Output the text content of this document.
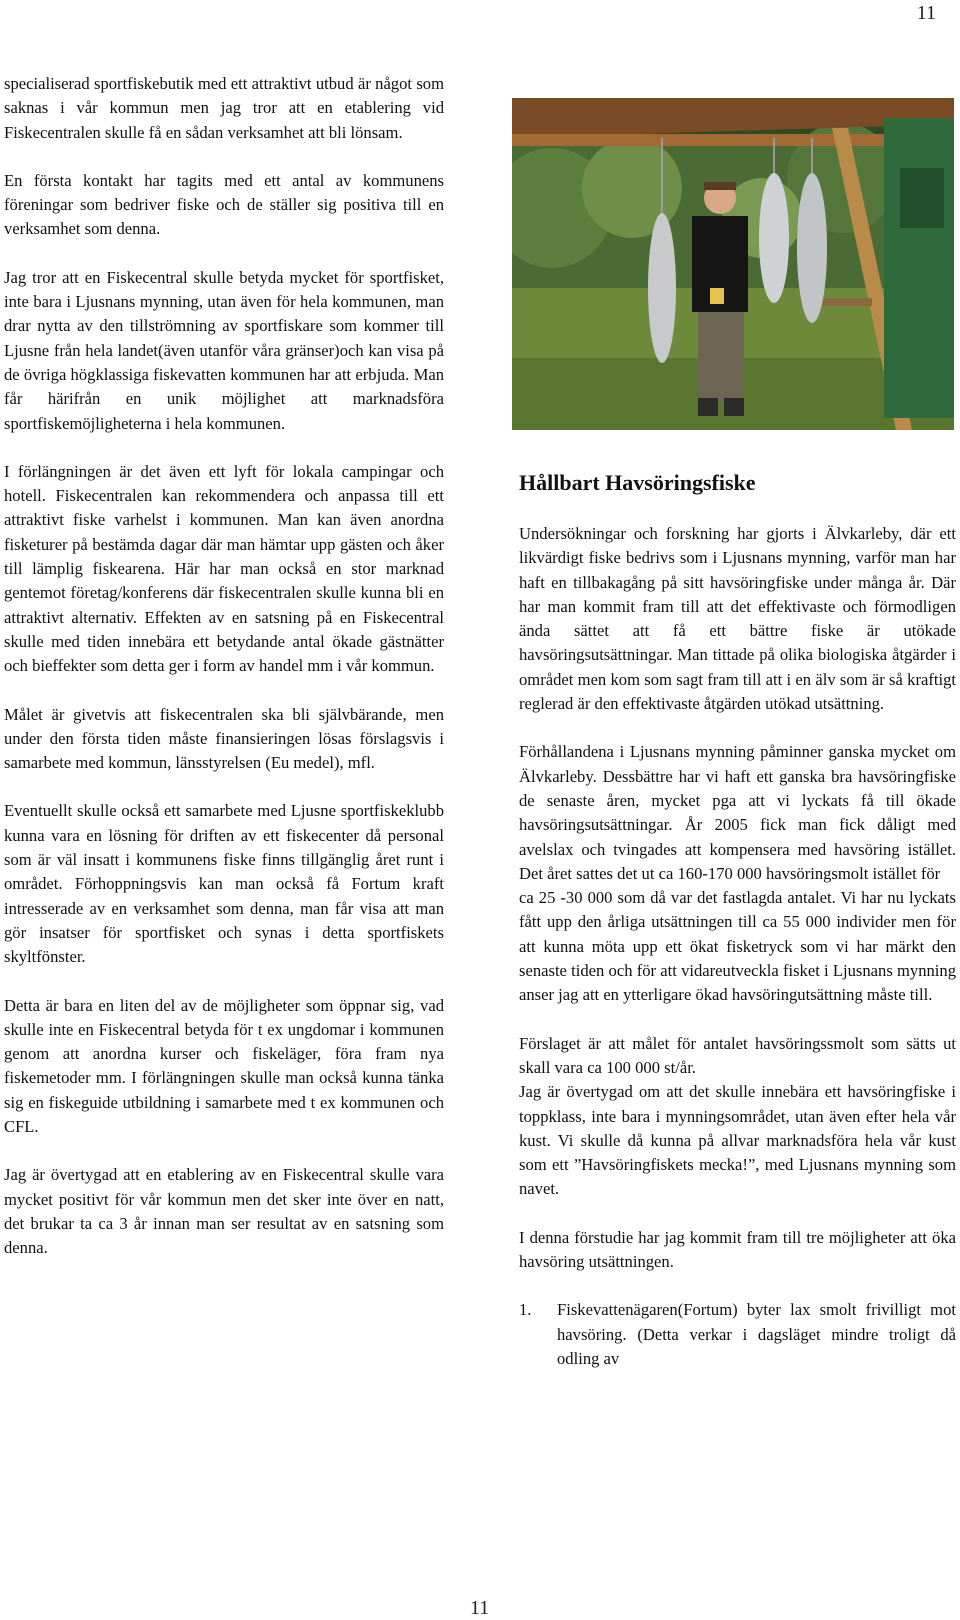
11

specialiserad sportfiskebutik med ett attraktivt utbud är något som saknas i vår kommun men jag tror att en etablering vid Fiskecentralen skulle få en sådan verksamhet att bli lönsam.

En första kontakt har tagits med ett antal av kommunens föreningar som bedriver fiske och de ställer sig positiva till en verksamhet som denna.

Jag tror att en Fiskecentral skulle betyda mycket för sportfisket, inte bara i Ljusnans mynning, utan även för hela kommunen, man drar nytta av den tillströmning av sportfiskare som kommer till Ljusne från hela landet(även utanför våra gränser)och kan visa på de övriga högklassiga fiskevatten kommunen har att erbjuda. Man får härifrån en unik möjlighet att marknadsföra sportfiskemöjligheterna i hela kommunen.

I förlängningen är det även ett lyft för lokala campingar och hotell. Fiskecentralen kan rekommendera och anpassa till ett attraktivt fiske varhelst i kommunen. Man kan även anordna fisketurer på bestämda dagar där man hämtar upp gästen och åker till lämplig fiskearena. Här har man också en stor marknad gentemot företag/konferens där fiskecentralen skulle kunna bli en attraktivt alternativ. Effekten av en satsning på en Fiskecentral skulle med tiden innebära ett betydande antal ökade gästnätter och bieffekter som detta ger i form av handel mm i vår kommun.

Målet är givetvis att fiskecentralen ska bli självbärande, men under den första tiden måste finansieringen lösas förslagsvis i samarbete med kommun, länsstyrelsen (Eu medel), mfl.

Eventuellt skulle också ett samarbete med Ljusne sportfiskeklubb kunna vara en lösning för driften av ett fiskecenter då personal som är väl insatt i kommunens fiske finns tillgänglig året runt i området. Förhoppningsvis kan man också få Fortum kraft intresserade av en verksamhet som denna, man får visa att man gör insatser för sportfisket och synas i detta sportfiskets skyltfönster.

Detta är bara en liten del av de möjligheter som öppnar sig, vad skulle inte en Fiskecentral betyda för t ex ungdomar i kommunen genom att anordna kurser och fiskeläger, föra fram nya fiskemetoder mm. I förlängningen skulle man också kunna tänka sig en fiskeguide utbildning i samarbete med t ex kommunen och CFL.

Jag är övertygad att en etablering av en Fiskecentral skulle vara mycket positivt för vår kommun men det sker inte över en natt, det brukar ta ca 3 år innan man ser resultat av en satsning som denna.

Hållbart Havsöringsfiske

Undersökningar och forskning har gjorts i Älvkarleby, där ett likvärdigt fiske bedrivs som i Ljusnans mynning, varför man har haft en tillbakagång på sitt havsöringfiske under många år. Där har man kommit fram till att det effektivaste och förmodligen ända sättet att få ett bättre fiske är utökade havsöringsutsättningar. Man tittade på olika biologiska åtgärder i området men kom som sagt fram till att i en älv som är så kraftigt reglerad är den effektivaste åtgärden utökad utsättning.

Förhållandena i Ljusnans mynning påminner ganska mycket om Älvkarleby. Dessbättre har vi haft ett ganska bra havsöringfiske de senaste åren, mycket pga att vi lyckats få till ökade havsöringsutsättningar. År 2005 fick man fick dåligt med avelslax och tvingades att kompensera med havsöring istället. Det året sattes det ut ca 160-170 000 havsöringsmolt istället för

ca 25 -30 000 som då var det fastlagda antalet. Vi har nu lyckats fått upp den årliga utsättningen till ca 55 000 individer men för att kunna möta upp ett ökat fisketryck som vi har märkt den senaste tiden och för att vidareutveckla fisket i Ljusnans mynning anser jag att en ytterligare ökad havsöringutsättning måste till.

Förslaget är att målet för antalet havsöringssmolt som sätts ut skall vara ca 100 000 st/år.

Jag är övertygad om att det skulle innebära ett havsöringfiske i toppklass, inte bara i mynningsområdet, utan även efter hela vår kust. Vi skulle då kunna på allvar marknadsföra hela vår kust som ett ”Havsöringfiskets mecka!”, med Ljusnans mynning som navet.

I denna förstudie har jag kommit fram till tre möjligheter att öka havsöring utsättningen.

1.	Fiskevattenägaren(Fortum) byter lax smolt frivilligt mot havsöring. (Detta verkar i dagsläget mindre troligt då odling av
11
